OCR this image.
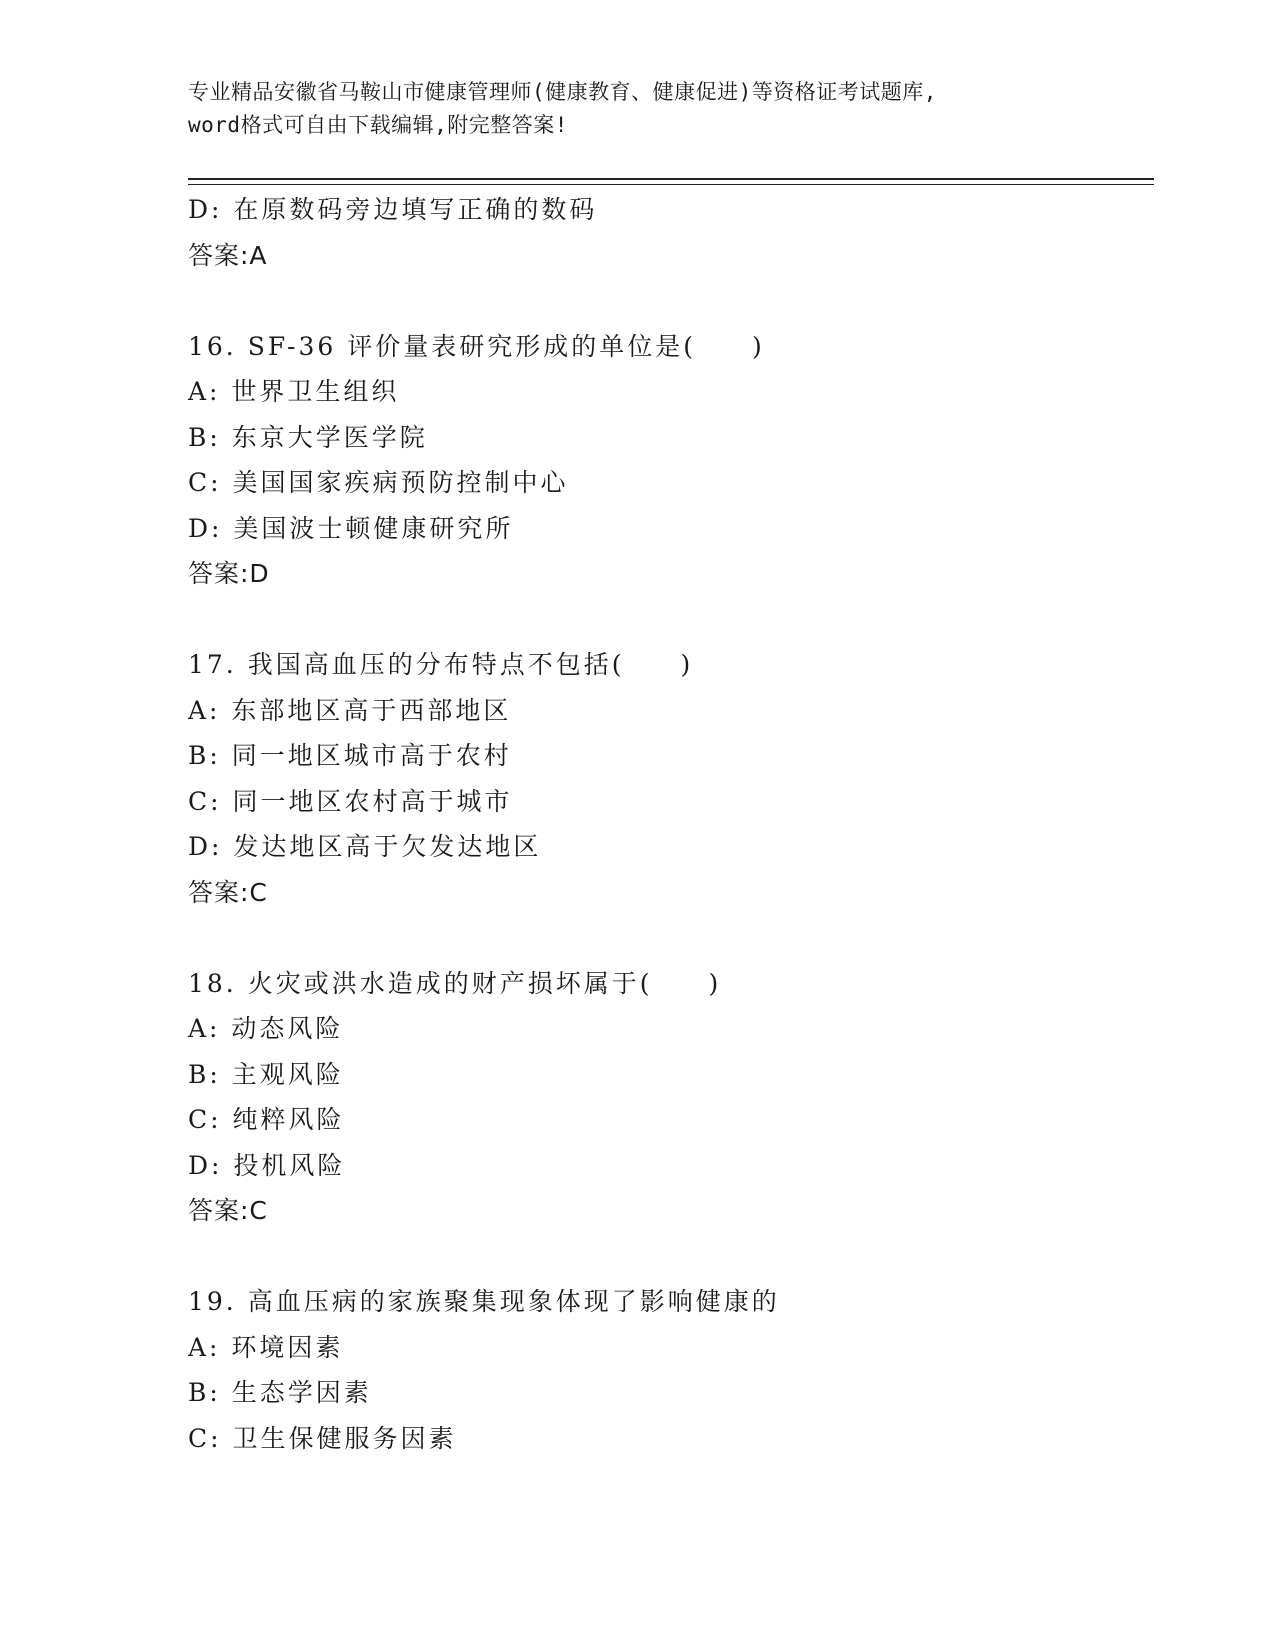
专业精品安徽省马鞍山市健康管理师(健康教育、健康促进)等资格证考试题库,
word格式可自由下载编辑,附完整答案!
D: 在原数码旁边填写正确的数码
答案:A
16. SF-36 评价量表研究形成的单位是(　　)
A: 世界卫生组织
B: 东京大学医学院
C: 美国国家疾病预防控制中心
D: 美国波士顿健康研究所
答案:D
17. 我国高血压的分布特点不包括(　　)
A: 东部地区高于西部地区
B: 同一地区城市高于农村
C: 同一地区农村高于城市
D: 发达地区高于欠发达地区
答案:C
18. 火灾或洪水造成的财产损坏属于(　　)
A: 动态风险
B: 主观风险
C: 纯粹风险
D: 投机风险
答案:C
19. 高血压病的家族聚集现象体现了影响健康的
A: 环境因素
B: 生态学因素
C: 卫生保健服务因素
